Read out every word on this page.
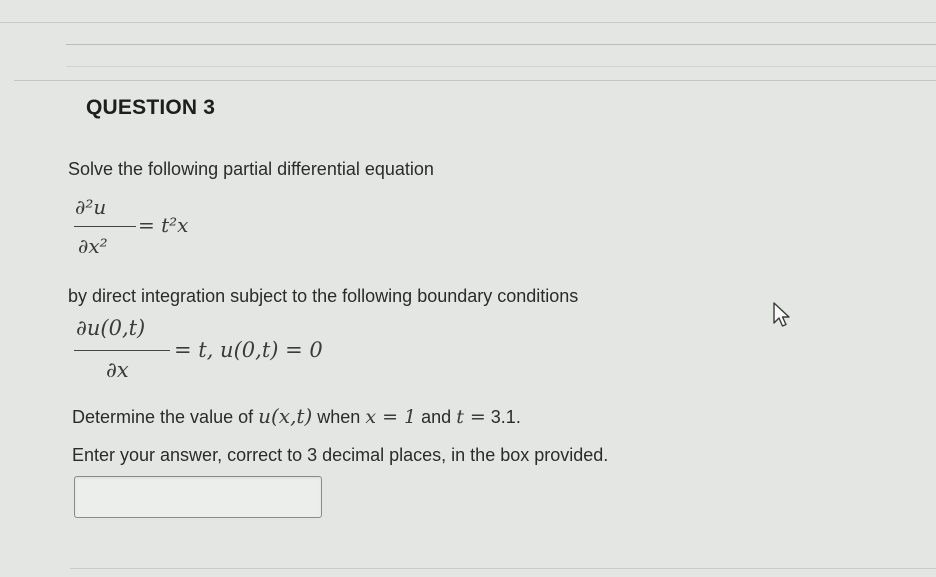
QUESTION 3
Solve the following partial differential equation
∂²u
∂x²
= t²x
by direct integration subject to the following boundary conditions
∂u(0,t)
∂x
= t, u(0,t) = 0
Determine the value of u(x,t) when x = 1 and t = 3.1.
Enter your answer, correct to 3 decimal places, in the box provided.
